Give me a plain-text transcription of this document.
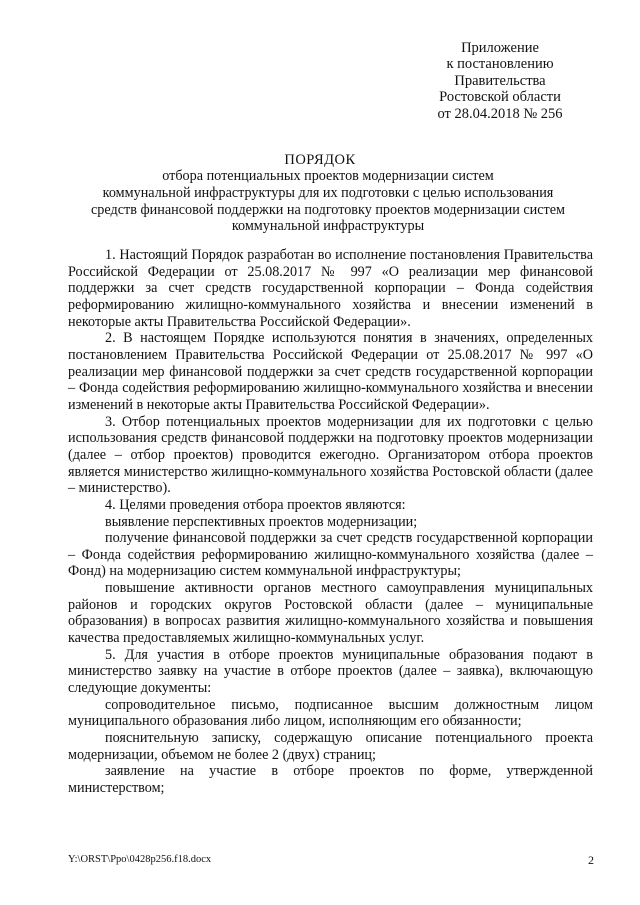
Приложение
к постановлению
Правительства
Ростовской области
от 28.04.2018 № 256
ПОРЯДОК
отбора потенциальных проектов модернизации систем
коммунальной инфраструктуры для их подготовки с целью использования
средств финансовой поддержки на подготовку проектов модернизации систем
коммунальной инфраструктуры

1. Настоящий Порядок разработан во исполнение постановления Правительства Российской Федерации от 25.08.2017 № 997 «О реализации мер финансовой поддержки за счет средств государственной корпорации – Фонда содействия реформированию жилищно-коммунального хозяйства и внесении изменений в некоторые акты Правительства Российской Федерации».

2. В настоящем Порядке используются понятия в значениях, определенных постановлением Правительства Российской Федерации от 25.08.2017 № 997 «О реализации мер финансовой поддержки за счет средств государственной корпорации – Фонда содействия реформированию жилищно-коммунального хозяйства и внесении изменений в некоторые акты Правительства Российской Федерации».

3. Отбор потенциальных проектов модернизации для их подготовки с целью использования средств финансовой поддержки на подготовку проектов модернизации (далее – отбор проектов) проводится ежегодно. Организатором отбора проектов является министерство жилищно-коммунального хозяйства Ростовской области (далее – министерство).

4. Целями проведения отбора проектов являются:

выявление перспективных проектов модернизации;

получение финансовой поддержки за счет средств государственной корпорации – Фонда содействия реформированию жилищно-коммунального хозяйства (далее – Фонд) на модернизацию систем коммунальной инфраструктуры;

повышение активности органов местного самоуправления муниципальных районов и городских округов Ростовской области (далее – муниципальные образования) в вопросах развития жилищно-коммунального хозяйства и повышения качества предоставляемых жилищно-коммунальных услуг.

5. Для участия в отборе проектов муниципальные образования подают в министерство заявку на участие в отборе проектов (далее – заявка), включающую следующие документы:

сопроводительное письмо, подписанное высшим должностным лицом муниципального образования либо лицом, исполняющим его обязанности;

пояснительную записку, содержащую описание потенциального проекта модернизации, объемом не более 2 (двух) страниц;

заявление на участие в отборе проектов по форме, утвержденной министерством;

Y:\ORST\Ppo\0428p256.f18.docx	2
